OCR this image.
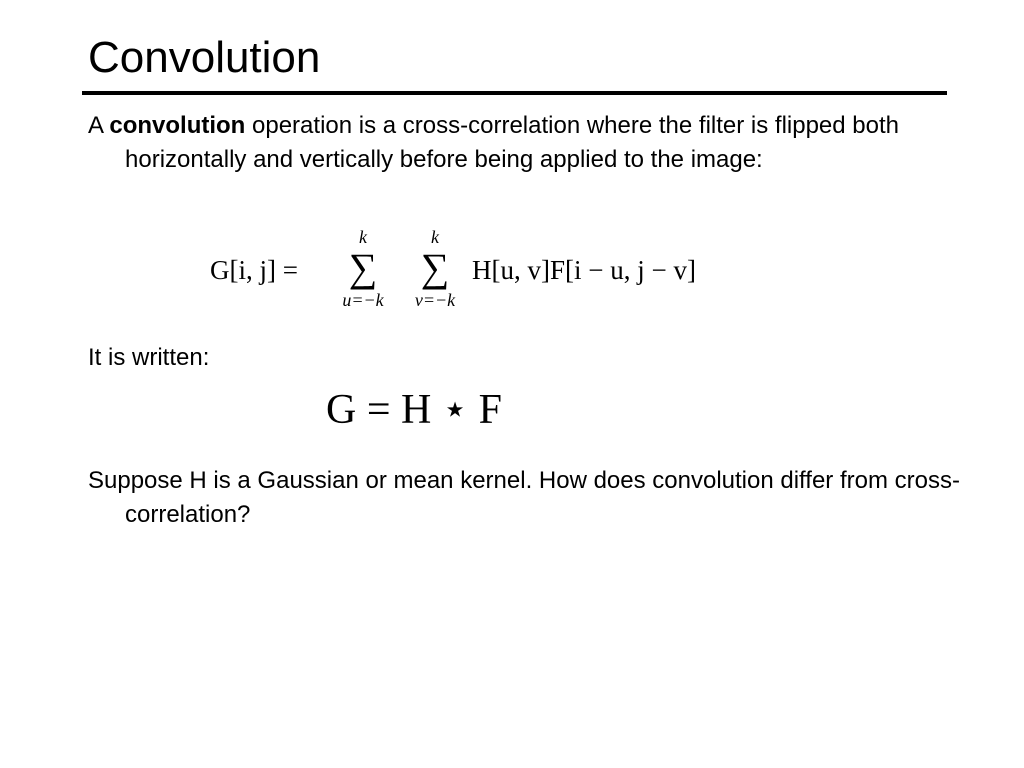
Convolution

A convolution operation is a cross-correlation where the filter is flipped both horizontally and vertically before being applied to the image:

G[i, j] =
k
∑
u=−k
k
∑
v=−k
H[u, v]F[i − u, j − v]

It is written:

G = H ⋆ F

Suppose H is a Gaussian or mean kernel. How does convolution differ from cross-correlation?
